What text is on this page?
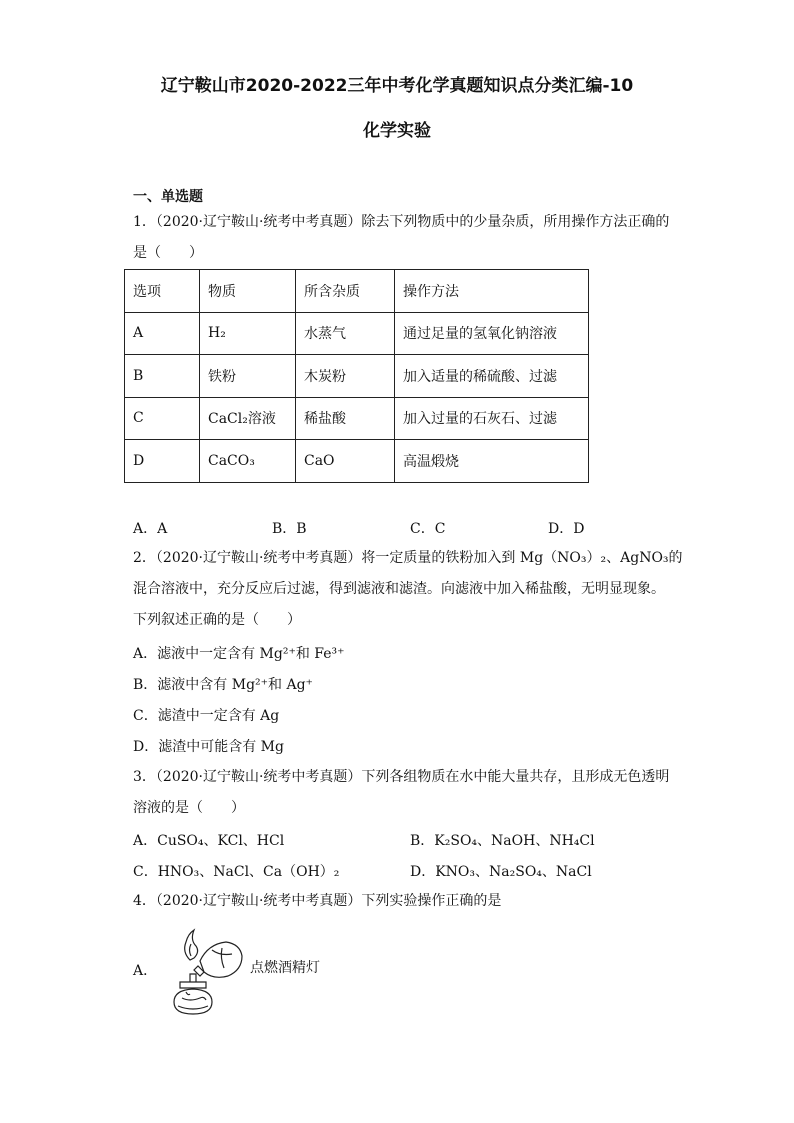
辽宁鞍山市2020-2022三年中考化学真题知识点分类汇编-10
化学实验
一、单选题
1．（2020·辽宁鞍山·统考中考真题）除去下列物质中的少量杂质，所用操作方法正确的
是（　　）
选项	物质	所含杂质	操作方法
A	H₂	水蒸气	通过足量的氢氧化钠溶液
B	铁粉	木炭粉	加入适量的稀硫酸、过滤
C	CaCl₂溶液	稀盐酸	加入过量的石灰石、过滤
D	CaCO₃	CaO	高温煅烧
A．A	B．B	C．C	D．D
2．（2020·辽宁鞍山·统考中考真题）将一定质量的铁粉加入到 Mg（NO₃）₂、AgNO₃的
混合溶液中，充分反应后过滤，得到滤液和滤渣。向滤液中加入稀盐酸，无明显现象。
下列叙述正确的是（　　）
A．滤液中一定含有 Mg²⁺和 Fe³⁺
B．滤液中含有 Mg²⁺和 Ag⁺
C．滤渣中一定含有 Ag
D．滤渣中可能含有 Mg
3．（2020·辽宁鞍山·统考中考真题）下列各组物质在水中能大量共存，且形成无色透明
溶液的是（　　）
A．CuSO₄、KCl、HCl	B．K₂SO₄、NaOH、NH₄Cl
C．HNO₃、NaCl、Ca（OH）₂	D．KNO₃、Na₂SO₄、NaCl
4．（2020·辽宁鞍山·统考中考真题）下列实验操作正确的是
A．	点燃酒精灯
